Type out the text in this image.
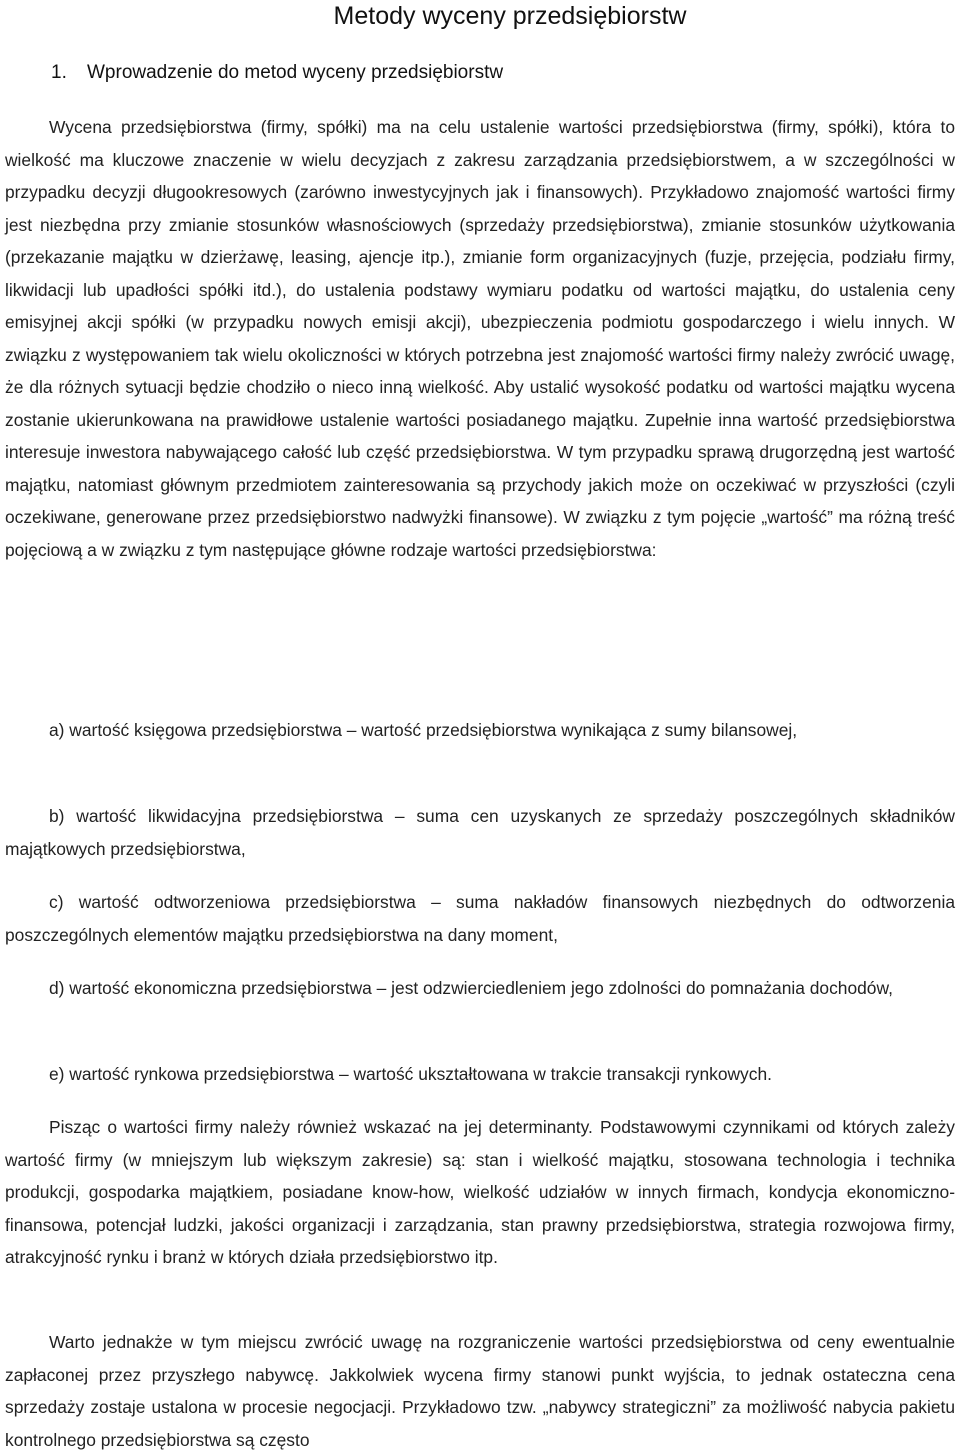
Metody wyceny przedsiębiorstw
1. Wprowadzenie do metod wyceny przedsiębiorstw

Wycena przedsiębiorstwa (firmy, spółki) ma na celu ustalenie wartości przedsiębiorstwa (firmy, spółki), która to wielkość ma kluczowe znaczenie w wielu decyzjach z zakresu zarządzania przedsiębiorstwem, a w szczególności w przypadku decyzji długookresowych (zarówno inwestycyjnych jak i finansowych). Przykładowo znajomość wartości firmy jest niezbędna przy zmianie stosunków własnościowych (sprzedaży przedsiębiorstwa), zmianie stosunków użytkowania (przekazanie majątku w dzierżawę, leasing, ajencje itp.), zmianie form organizacyjnych (fuzje, przejęcia, podziału firmy, likwidacji lub upadłości spółki itd.), do ustalenia podstawy wymiaru podatku od wartości majątku, do ustalenia ceny emisyjnej akcji spółki (w przypadku nowych emisji akcji), ubezpieczenia podmiotu gospodarczego i wielu innych. W związku z występowaniem tak wielu okoliczności w których potrzebna jest znajomość wartości firmy należy zwrócić uwagę, że dla różnych sytuacji będzie chodziło o nieco inną wielkość. Aby ustalić wysokość podatku od wartości majątku wycena zostanie ukierunkowana na prawidłowe ustalenie wartości posiadanego majątku. Zupełnie inna wartość przedsiębiorstwa interesuje inwestora nabywającego całość lub część przedsiębiorstwa. W tym przypadku sprawą drugorzędną jest wartość majątku, natomiast głównym przedmiotem zainteresowania są przychody jakich może on oczekiwać w przyszłości (czyli oczekiwane, generowane przez przedsiębiorstwo nadwyżki finansowe). W związku z tym pojęcie „wartość” ma różną treść pojęciową a w związku z tym następujące główne rodzaje wartości przedsiębiorstwa:

a) wartość księgowa przedsiębiorstwa – wartość przedsiębiorstwa wynikająca z sumy bilansowej,

b) wartość likwidacyjna przedsiębiorstwa – suma cen uzyskanych ze sprzedaży poszczególnych składników majątkowych przedsiębiorstwa,

c) wartość odtworzeniowa przedsiębiorstwa – suma nakładów finansowych niezbędnych do odtworzenia poszczególnych elementów majątku przedsiębiorstwa na dany moment,

d) wartość ekonomiczna przedsiębiorstwa – jest odzwierciedleniem jego zdolności do pomnażania dochodów,

e) wartość rynkowa przedsiębiorstwa – wartość ukształtowana w trakcie transakcji rynkowych.

Pisząc o wartości firmy należy również wskazać na jej determinanty. Podstawowymi czynnikami od których zależy wartość firmy (w mniejszym lub większym zakresie) są: stan i wielkość majątku, stosowana technologia i technika produkcji, gospodarka majątkiem, posiadane know-how, wielkość udziałów w innych firmach, kondycja ekonomiczno-finansowa, potencjał ludzki, jakości organizacji i zarządzania, stan prawny przedsiębiorstwa, strategia rozwojowa firmy, atrakcyjność rynku i branż w których działa przedsiębiorstwo itp.

Warto jednakże w tym miejscu zwrócić uwagę na rozgraniczenie wartości przedsiębiorstwa od ceny ewentualnie zapłaconej przez przyszłego nabywcę. Jakkolwiek wycena firmy stanowi punkt wyjścia, to jednak ostateczna cena sprzedaży zostaje ustalona w procesie negocjacji. Przykładowo tzw. „nabywcy strategiczni” za możliwość nabycia pakietu kontrolnego przedsiębiorstwa są często
